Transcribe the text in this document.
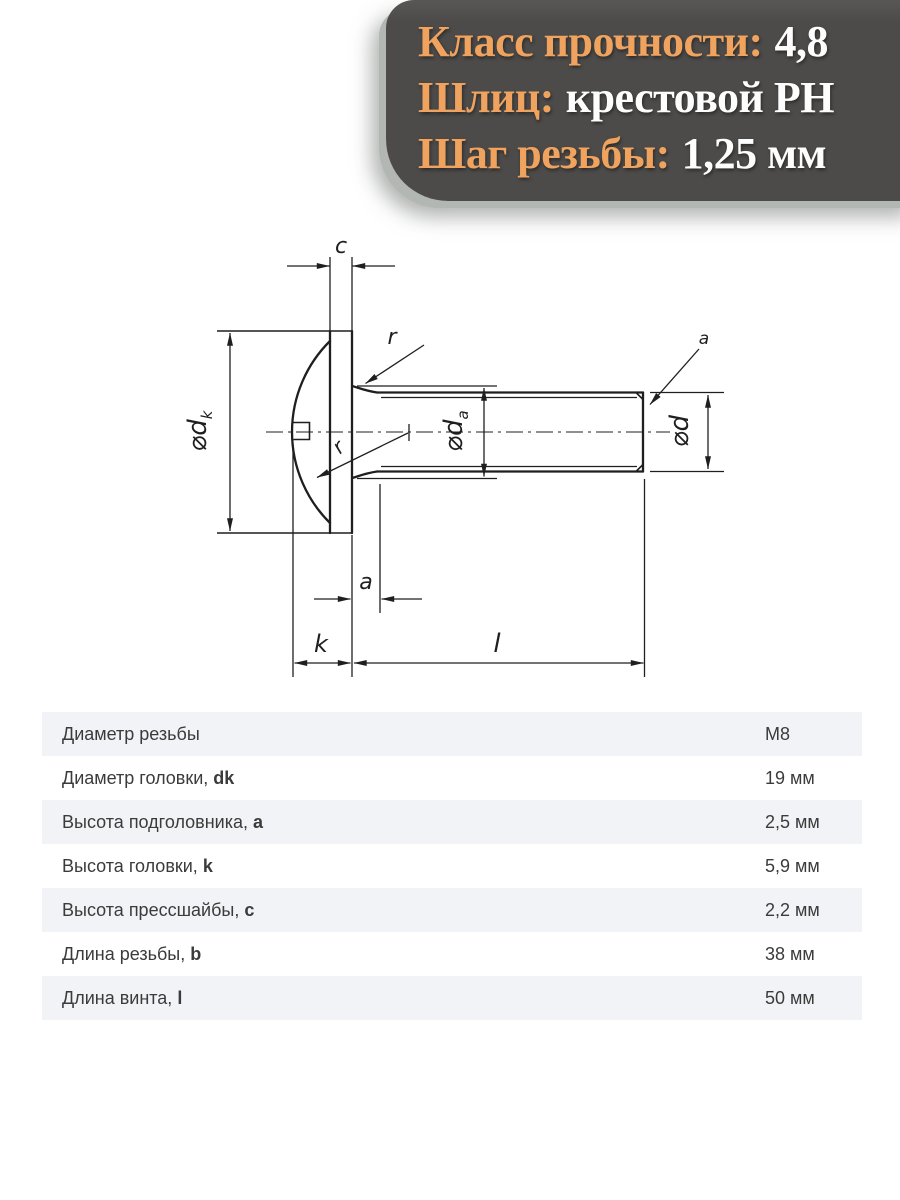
Класс прочности: 4,8
Шлиц: крестовой PH
Шаг резьбы: 1,25 мм
c
$⌀d_k$
$⌀d_a$	⌀d
r
r
a
a
k	l
Диаметр резьбы	M8
Диаметр головки, dk	19 мм
Высота подголовника, a	2,5 мм
Высота головки, k	5,9 мм
Высота прессшайбы, c	2,2 мм
Длина резьбы, b	38 мм
Длина винта, l	50 мм
